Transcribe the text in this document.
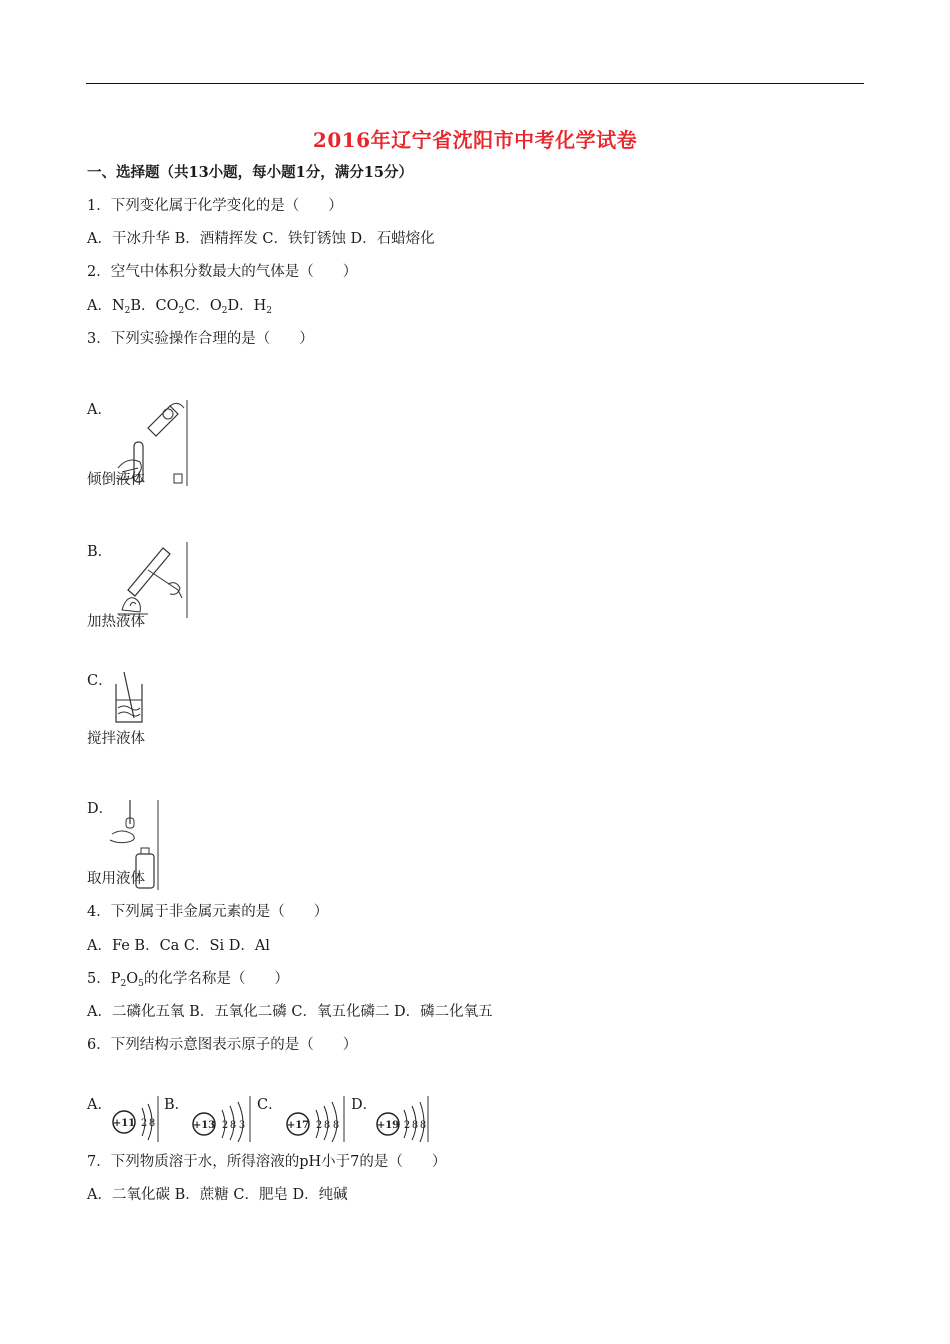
2016年辽宁省沈阳市中考化学试卷
一、选择题（共13小题，每小题1分，满分15分）
1．下列变化属于化学变化的是（　　）
A．干冰升华 B．酒精挥发 C．铁钉锈蚀 D．石蜡熔化
2．空气中体积分数最大的气体是（　　）
A．$N_2B$．$CO_2C$．$O_2D$．$H_2$
3．下列实验操作合理的是（　　）
A．
倾倒液体
B．
加热液体
C．
搅拌液体
D．
取用液体
4．下列属于非金属元素的是（　　）
A．Fe B．Ca C．Si D．Al
5．$P_2O_5$的化学名称是（　　）
A．二磷化五氧 B．五氧化二磷 C．氧五化磷二 D．磷二化氧五
6．下列结构示意图表示原子的是（　　）
A．
+11 2 8
B．
+13 2 8 3
C．
+17 2 8 8
D．
+19 2 8 8
7．下列物质溶于水，所得溶液的pH小于7的是（　　）
A．二氧化碳 B．蔗糖 C．肥皂 D．纯碱
